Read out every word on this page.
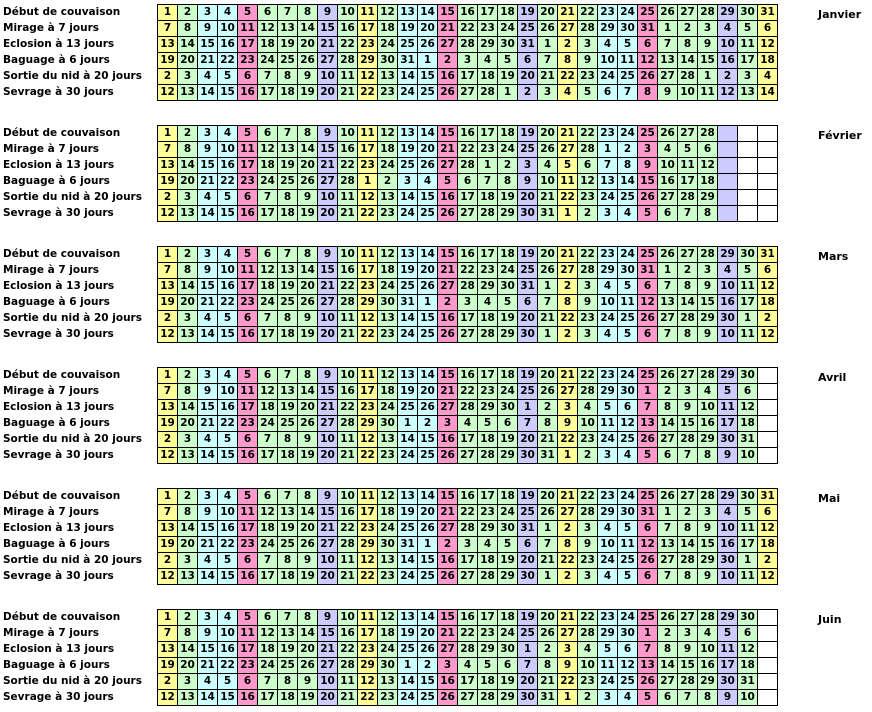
Début de couvaison	1	2	3	4	5	6	7	8	9	10	11	12	13	14	15	16	17	18	19	20	21	22	23	24	25	26	27	28	29	30	31
Mirage à 7 jours	7	8	9	10	11	12	13	14	15	16	17	18	19	20	21	22	23	24	25	26	27	28	29	30	31	1	2	3	4	5	6
Eclosion à 13 jours	13	14	15	16	17	18	19	20	21	22	23	24	25	26	27	28	29	30	31	1	2	3	4	5	6	7	8	9	10	11	12
Baguage à 6 jours	19	20	21	22	23	24	25	26	27	28	29	30	31	1	2	3	4	5	6	7	8	9	10	11	12	13	14	15	16	17	18
Sortie du nid à 20 jours	2	3	4	5	6	7	8	9	10	11	12	13	14	15	16	17	18	19	20	21	22	23	24	25	26	27	28	1	2	3	4
Sevrage à 30 jours	12	13	14	15	16	17	18	19	20	21	22	23	24	25	26	27	28	1	2	3	4	5	6	7	8	9	10	11	12	13	14
Janvier
Début de couvaison	1	2	3	4	5	6	7	8	9	10	11	12	13	14	15	16	17	18	19	20	21	22	23	24	25	26	27	28			
Mirage à 7 jours	7	8	9	10	11	12	13	14	15	16	17	18	19	20	21	22	23	24	25	26	27	28	1	2	3	4	5	6			
Eclosion à 13 jours	13	14	15	16	17	18	19	20	21	22	23	24	25	26	27	28	1	2	3	4	5	6	7	8	9	10	11	12			
Baguage à 6 jours	19	20	21	22	23	24	25	26	27	28	1	2	3	4	5	6	7	8	9	10	11	12	13	14	15	16	17	18			
Sortie du nid à 20 jours	2	3	4	5	6	7	8	9	10	11	12	13	14	15	16	17	18	19	20	21	22	23	24	25	26	27	28	29			
Sevrage à 30 jours	12	13	14	15	16	17	18	19	20	21	22	23	24	25	26	27	28	29	30	31	1	2	3	4	5	6	7	8			
Février
Début de couvaison	1	2	3	4	5	6	7	8	9	10	11	12	13	14	15	16	17	18	19	20	21	22	23	24	25	26	27	28	29	30	31
Mirage à 7 jours	7	8	9	10	11	12	13	14	15	16	17	18	19	20	21	22	23	24	25	26	27	28	29	30	31	1	2	3	4	5	6
Eclosion à 13 jours	13	14	15	16	17	18	19	20	21	22	23	24	25	26	27	28	29	30	31	1	2	3	4	5	6	7	8	9	10	11	12
Baguage à 6 jours	19	20	21	22	23	24	25	26	27	28	29	30	31	1	2	3	4	5	6	7	8	9	10	11	12	13	14	15	16	17	18
Sortie du nid à 20 jours	2	3	4	5	6	7	8	9	10	11	12	13	14	15	16	17	18	19	20	21	22	23	24	25	26	27	28	29	30	1	2
Sevrage à 30 jours	12	13	14	15	16	17	18	19	20	21	22	23	24	25	26	27	28	29	30	1	2	3	4	5	6	7	8	9	10	11	12
Mars
Début de couvaison	1	2	3	4	5	6	7	8	9	10	11	12	13	14	15	16	17	18	19	20	21	22	23	24	25	26	27	28	29	30	
Mirage à 7 jours	7	8	9	10	11	12	13	14	15	16	17	18	19	20	21	22	23	24	25	26	27	28	29	30	1	2	3	4	5	6	
Eclosion à 13 jours	13	14	15	16	17	18	19	20	21	22	23	24	25	26	27	28	29	30	1	2	3	4	5	6	7	8	9	10	11	12	
Baguage à 6 jours	19	20	21	22	23	24	25	26	27	28	29	30	1	2	3	4	5	6	7	8	9	10	11	12	13	14	15	16	17	18	
Sortie du nid à 20 jours	2	3	4	5	6	7	8	9	10	11	12	13	14	15	16	17	18	19	20	21	22	23	24	25	26	27	28	29	30	31	
Sevrage à 30 jours	12	13	14	15	16	17	18	19	20	21	22	23	24	25	26	27	28	29	30	31	1	2	3	4	5	6	7	8	9	10	
Avril
Début de couvaison	1	2	3	4	5	6	7	8	9	10	11	12	13	14	15	16	17	18	19	20	21	22	23	24	25	26	27	28	29	30	31
Mirage à 7 jours	7	8	9	10	11	12	13	14	15	16	17	18	19	20	21	22	23	24	25	26	27	28	29	30	31	1	2	3	4	5	6
Eclosion à 13 jours	13	14	15	16	17	18	19	20	21	22	23	24	25	26	27	28	29	30	31	1	2	3	4	5	6	7	8	9	10	11	12
Baguage à 6 jours	19	20	21	22	23	24	25	26	27	28	29	30	31	1	2	3	4	5	6	7	8	9	10	11	12	13	14	15	16	17	18
Sortie du nid à 20 jours	2	3	4	5	6	7	8	9	10	11	12	13	14	15	16	17	18	19	20	21	22	23	24	25	26	27	28	29	30	1	2
Sevrage à 30 jours	12	13	14	15	16	17	18	19	20	21	22	23	24	25	26	27	28	29	30	1	2	3	4	5	6	7	8	9	10	11	12
Mai
Début de couvaison	1	2	3	4	5	6	7	8	9	10	11	12	13	14	15	16	17	18	19	20	21	22	23	24	25	26	27	28	29	30	
Mirage à 7 jours	7	8	9	10	11	12	13	14	15	16	17	18	19	20	21	22	23	24	25	26	27	28	29	30	1	2	3	4	5	6	
Eclosion à 13 jours	13	14	15	16	17	18	19	20	21	22	23	24	25	26	27	28	29	30	1	2	3	4	5	6	7	8	9	10	11	12	
Baguage à 6 jours	19	20	21	22	23	24	25	26	27	28	29	30	1	2	3	4	5	6	7	8	9	10	11	12	13	14	15	16	17	18	
Sortie du nid à 20 jours	2	3	4	5	6	7	8	9	10	11	12	13	14	15	16	17	18	19	20	21	22	23	24	25	26	27	28	29	30	31	
Sevrage à 30 jours	12	13	14	15	16	17	18	19	20	21	22	23	24	25	26	27	28	29	30	31	1	2	3	4	5	6	7	8	9	10	
Juin
